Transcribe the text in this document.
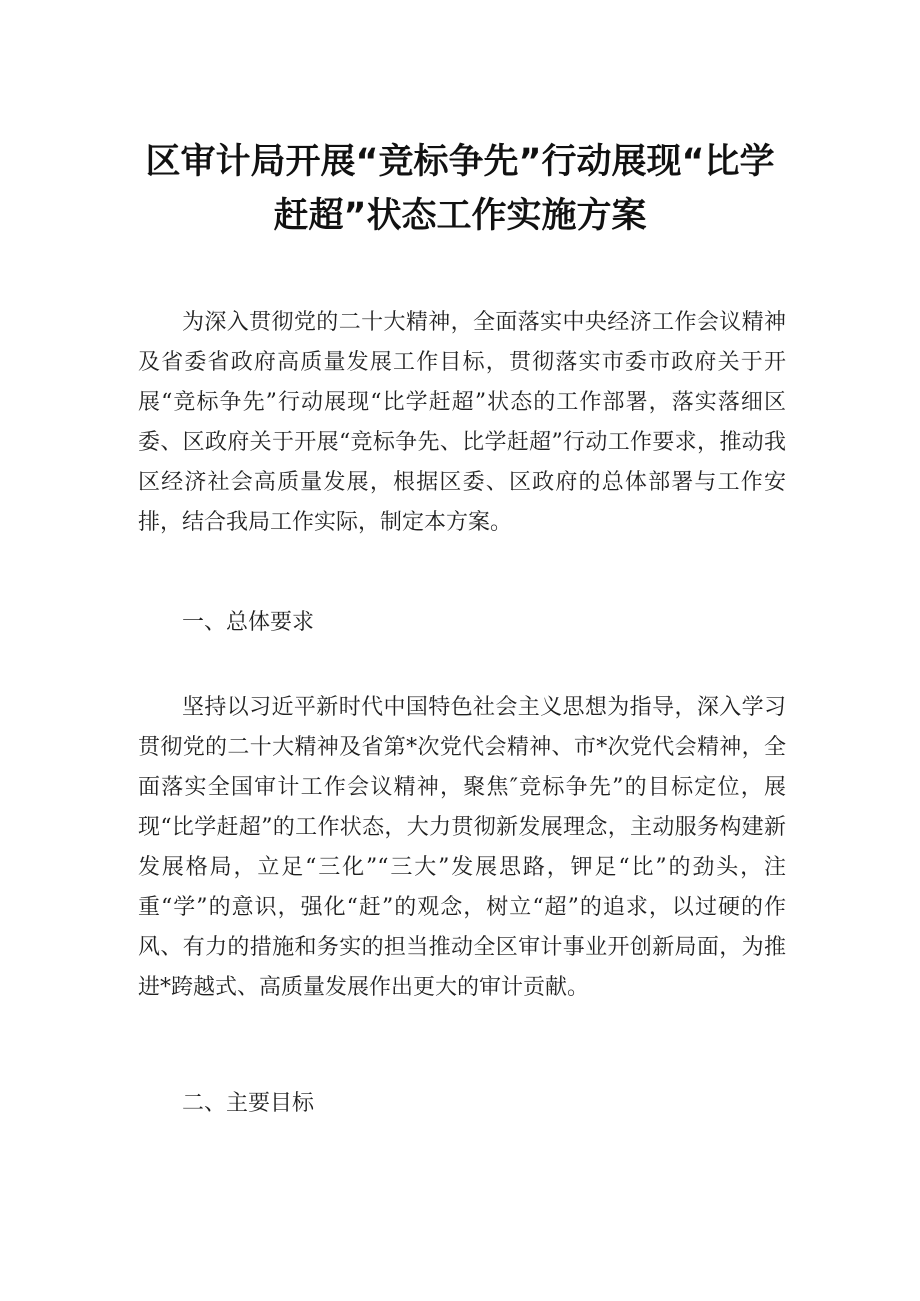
区审计局开展“竞标争先”行动展现“比学
赶超”状态工作实施方案

为深入贯彻党的二十大精神，全面落实中央经济工作会议精神及省委省政府高质量发展工作目标，贯彻落实市委市政府关于开展“竞标争先”行动展现“比学赶超”状态的工作部署，落实落细区委、区政府关于开展“竞标争先、比学赶超”行动工作要求，推动我区经济社会高质量发展，根据区委、区政府的总体部署与工作安排，结合我局工作实际，制定本方案。

一、总体要求

坚持以习近平新时代中国特色社会主义思想为指导，深入学习贯彻党的二十大精神及省第*次党代会精神、市*次党代会精神，全面落实全国审计工作会议精神，聚焦″竞标争先”的目标定位，展现“比学赶超”的工作状态，大力贯彻新发展理念，主动服务构建新发展格局，立足“三化”“三大”发展思路，钾足“比”的劲头，注重“学”的意识，强化“赶”的观念，树立“超”的追求，以过硬的作风、有力的措施和务实的担当推动全区审计事业开创新局面，为推进*跨越式、高质量发展作出更大的审计贡献。

二、主要目标
